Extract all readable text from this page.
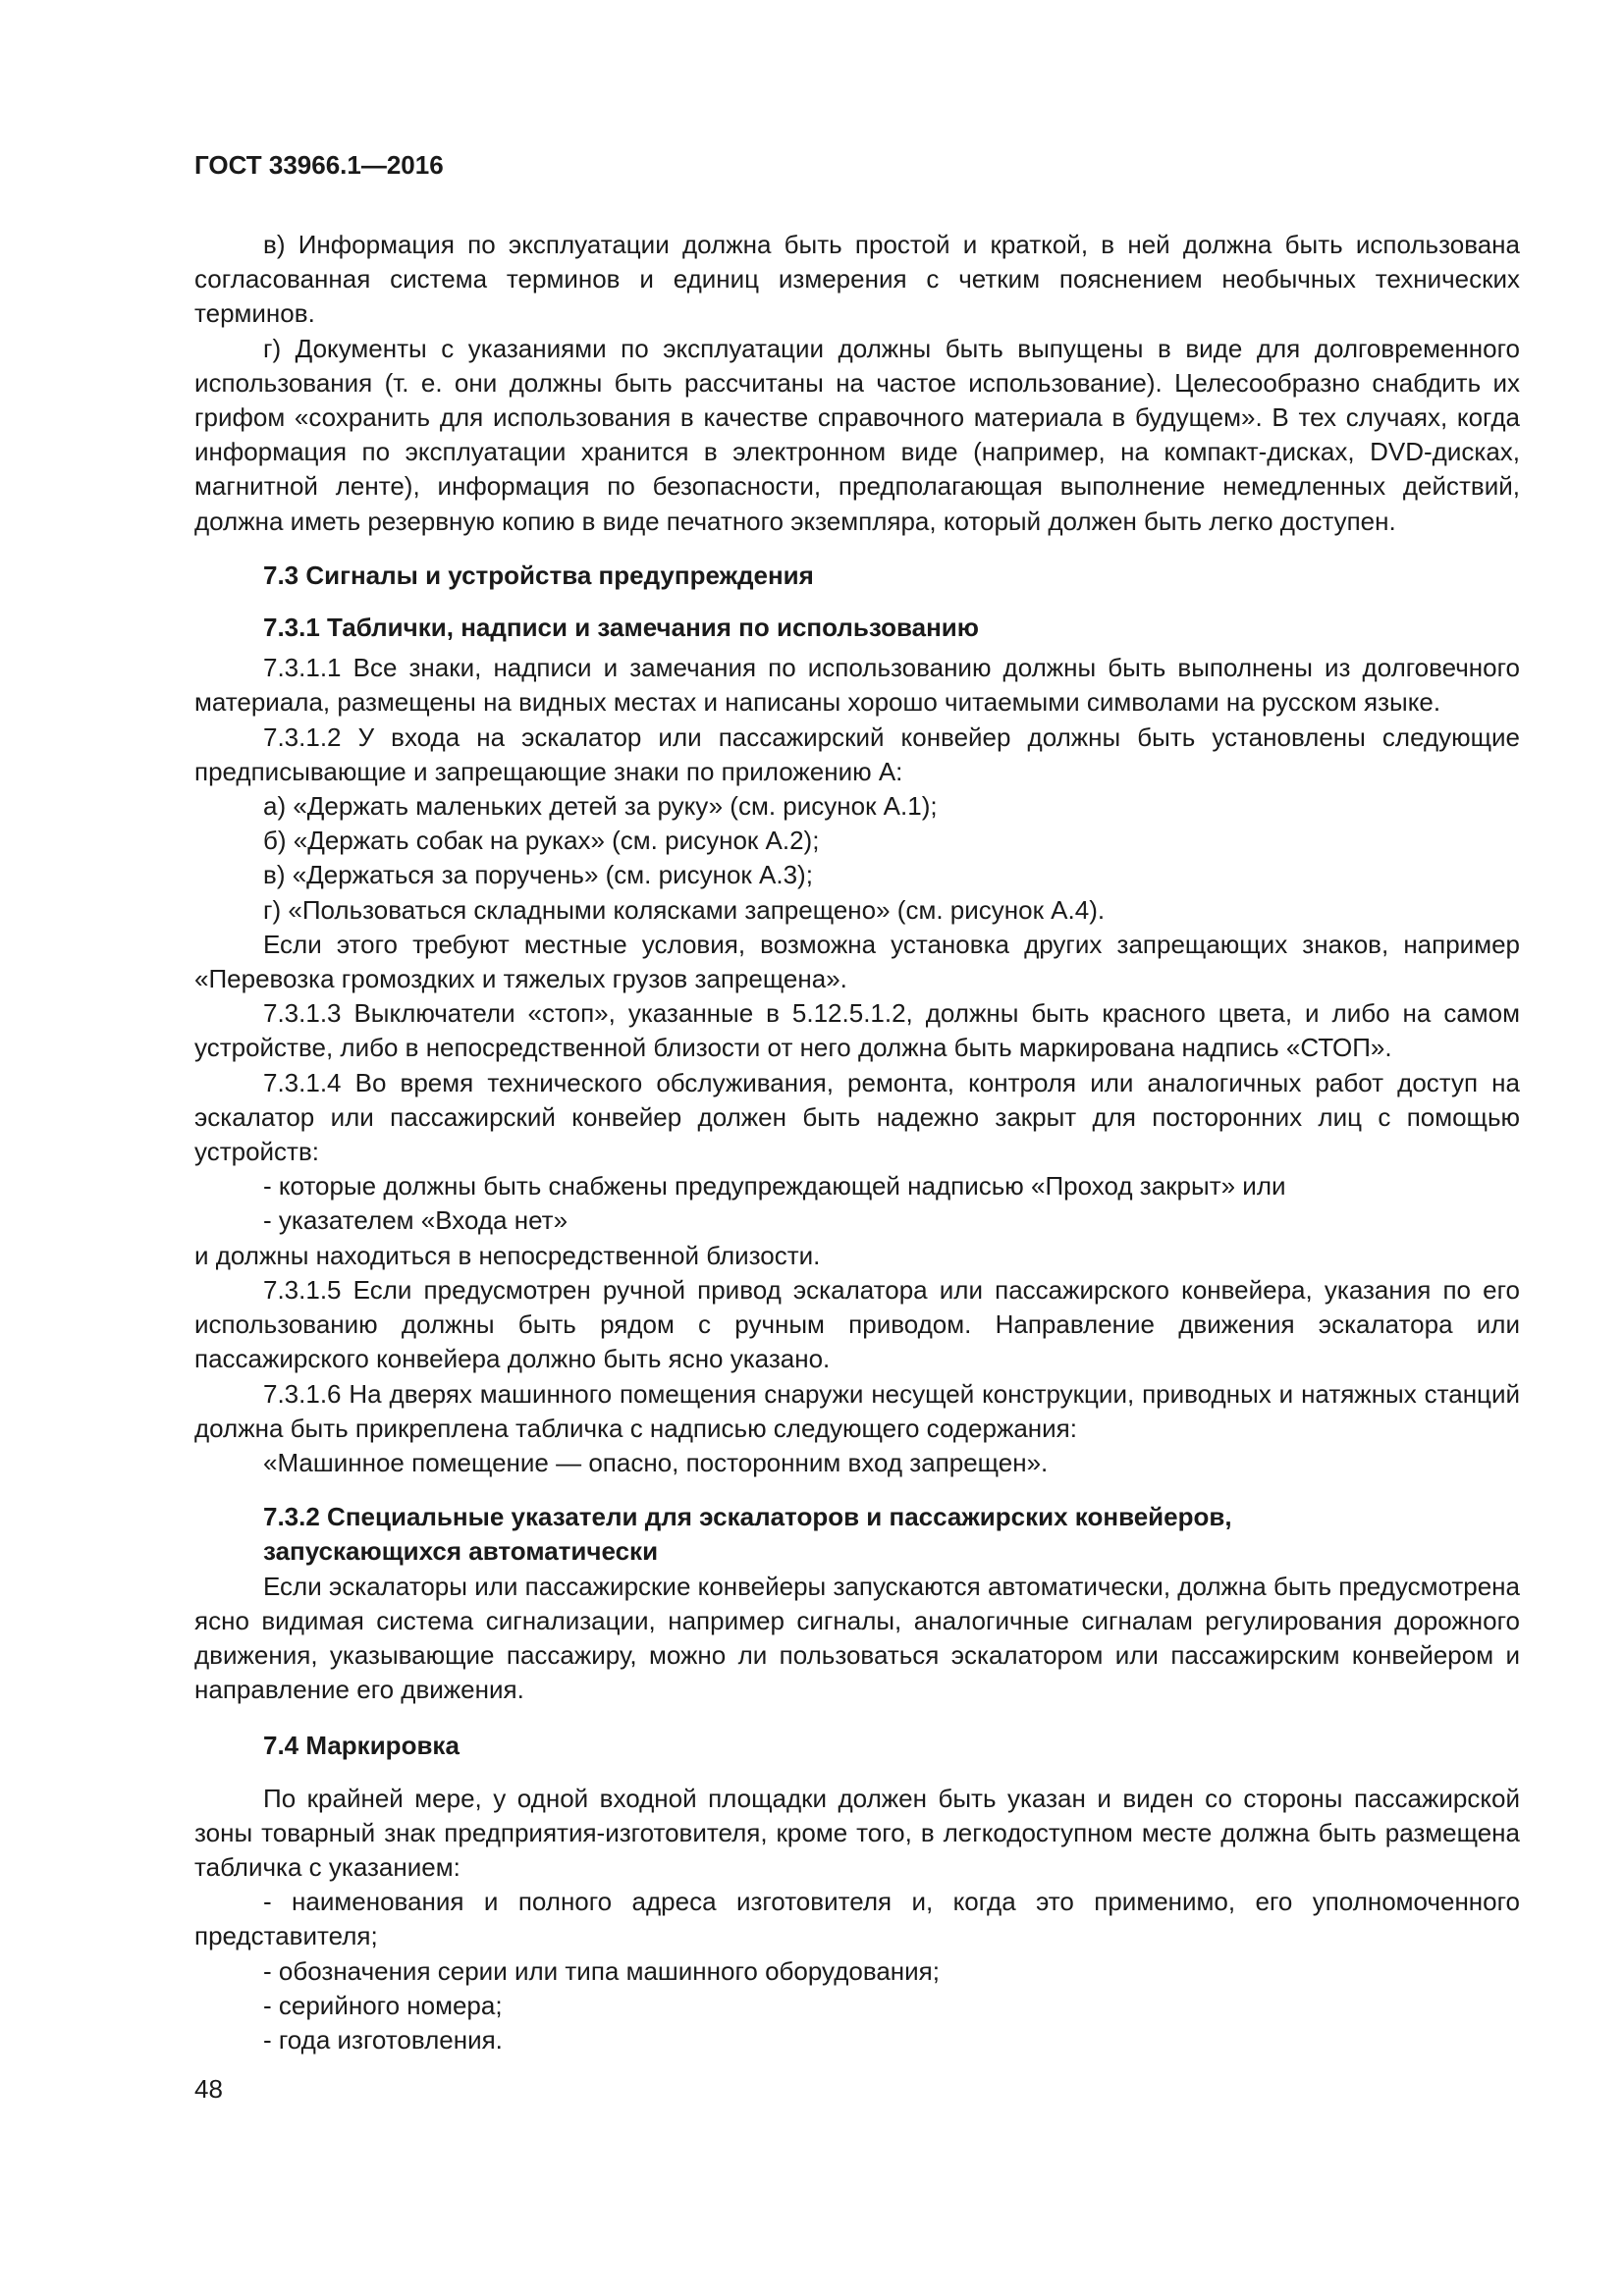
ГОСТ 33966.1—2016

в) Информация по эксплуатации должна быть простой и краткой, в ней должна быть использована согласованная система терминов и единиц измерения с четким пояснением необычных технических терминов.

г) Документы с указаниями по эксплуатации должны быть выпущены в виде для долговременного использования (т. е. они должны быть рассчитаны на частое использование). Целесообразно снабдить их грифом «сохранить для использования в качестве справочного материала в будущем». В тех случаях, когда информация по эксплуатации хранится в электронном виде (например, на компакт-дисках, DVD-дисках, магнитной ленте), информация по безопасности, предполагающая выполнение немедленных действий, должна иметь резервную копию в виде печатного экземпляра, который должен быть легко доступен.

7.3 Сигналы и устройства предупреждения
7.3.1 Таблички, надписи и замечания по использованию

7.3.1.1 Все знаки, надписи и замечания по использованию должны быть выполнены из долговечного материала, размещены на видных местах и написаны хорошо читаемыми символами на русском языке.

7.3.1.2 У входа на эскалатор или пассажирский конвейер должны быть установлены следующие предписывающие и запрещающие знаки по приложению А:

а) «Держать маленьких детей за руку» (см. рисунок А.1);

б) «Держать собак на руках» (см. рисунок А.2);

в) «Держаться за поручень» (см. рисунок А.3);

г) «Пользоваться складными колясками запрещено» (см. рисунок А.4).

Если этого требуют местные условия, возможна установка других запрещающих знаков, например «Перевозка громоздких и тяжелых грузов запрещена».

7.3.1.3 Выключатели «стоп», указанные в 5.12.5.1.2, должны быть красного цвета, и либо на самом устройстве, либо в непосредственной близости от него должна быть маркирована надпись «СТОП».

7.3.1.4 Во время технического обслуживания, ремонта, контроля или аналогичных работ доступ на эскалатор или пассажирский конвейер должен быть надежно закрыт для посторонних лиц с помощью устройств:

- которые должны быть снабжены предупреждающей надписью «Проход закрыт» или

- указателем «Входа нет»

и должны находиться в непосредственной близости.

7.3.1.5 Если предусмотрен ручной привод эскалатора или пассажирского конвейера, указания по его использованию должны быть рядом с ручным приводом. Направление движения эскалатора или пассажирского конвейера должно быть ясно указано.

7.3.1.6 На дверях машинного помещения снаружи несущей конструкции, приводных и натяжных станций должна быть прикреплена табличка с надписью следующего содержания:

«Машинное помещение — опасно, посторонним вход запрещен».

7.3.2 Специальные указатели для эскалаторов и пассажирских конвейеров,
запускающихся автоматически

Если эскалаторы или пассажирские конвейеры запускаются автоматически, должна быть предусмотрена ясно видимая система сигнализации, например сигналы, аналогичные сигналам регулирования дорожного движения, указывающие пассажиру, можно ли пользоваться эскалатором или пассажирским конвейером и направление его движения.

7.4 Маркировка

По крайней мере, у одной входной площадки должен быть указан и виден со стороны пассажирской зоны товарный знак предприятия-изготовителя, кроме того, в легкодоступном месте должна быть размещена табличка с указанием:

- наименования и полного адреса изготовителя и, когда это применимо, его уполномоченного представителя;

- обозначения серии или типа машинного оборудования;

- серийного номера;

- года изготовления.

48
